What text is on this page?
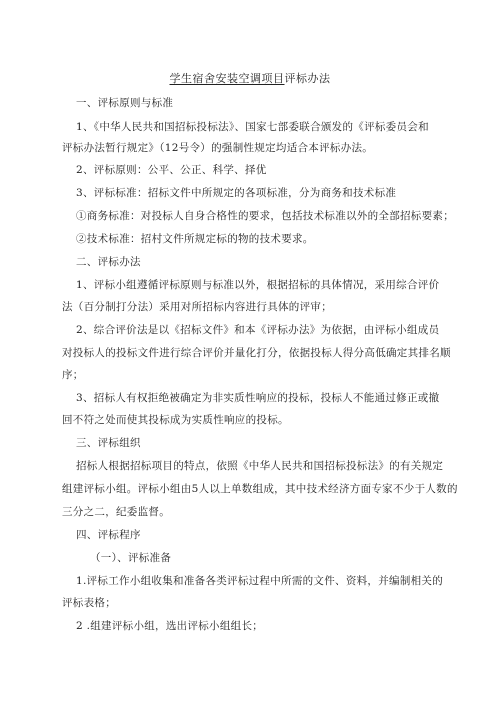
学生宿舍安装空调项目评标办法
一、评标原则与标准
1、《中华人民共和国招标投标法》、国家七部委联合颁发的《评标委员会和
评标办法暂行规定》（12号令）的强制性规定均适合本评标办法。
2、评标原则：公平、公正、科学、择优
3、评标标准：招标文件中所规定的各项标准，分为商务和技术标准
①商务标准：对投标人自身合格性的要求，包括技术标准以外的全部招标要素；
②技术标准：招村文件所规定标的物的技术要求。
二、评标办法
1、评标小组遵循评标原则与标准以外，根据招标的具体情况，采用综合评价
法（百分制打分法）采用对所招标内容进行具体的评审；
2、综合评价法是以《招标文件》和本《评标办法》为依据，由评标小组成员
对投标人的投标文件进行综合评价并量化打分，依据投标人得分高低确定其排名顺
序；
3、招标人有权拒绝被确定为非实质性响应的投标，投标人不能通过修正或撤
回不符之处而使其投标成为实质性响应的投标。
三、评标组织
招标人根据招标项目的特点，依照《中华人民共和国招标投标法》的有关规定
组建评标小组。评标小组由5人以上单数组成，其中技术经济方面专家不少于人数的
三分之二，纪委监督。
四、评标程序
（一）、评标准备
1.评标工作小组收集和准备各类评标过程中所需的文件、资料，并编制相关的
评标表格；
2 .组建评标小组，选出评标小组组长；
